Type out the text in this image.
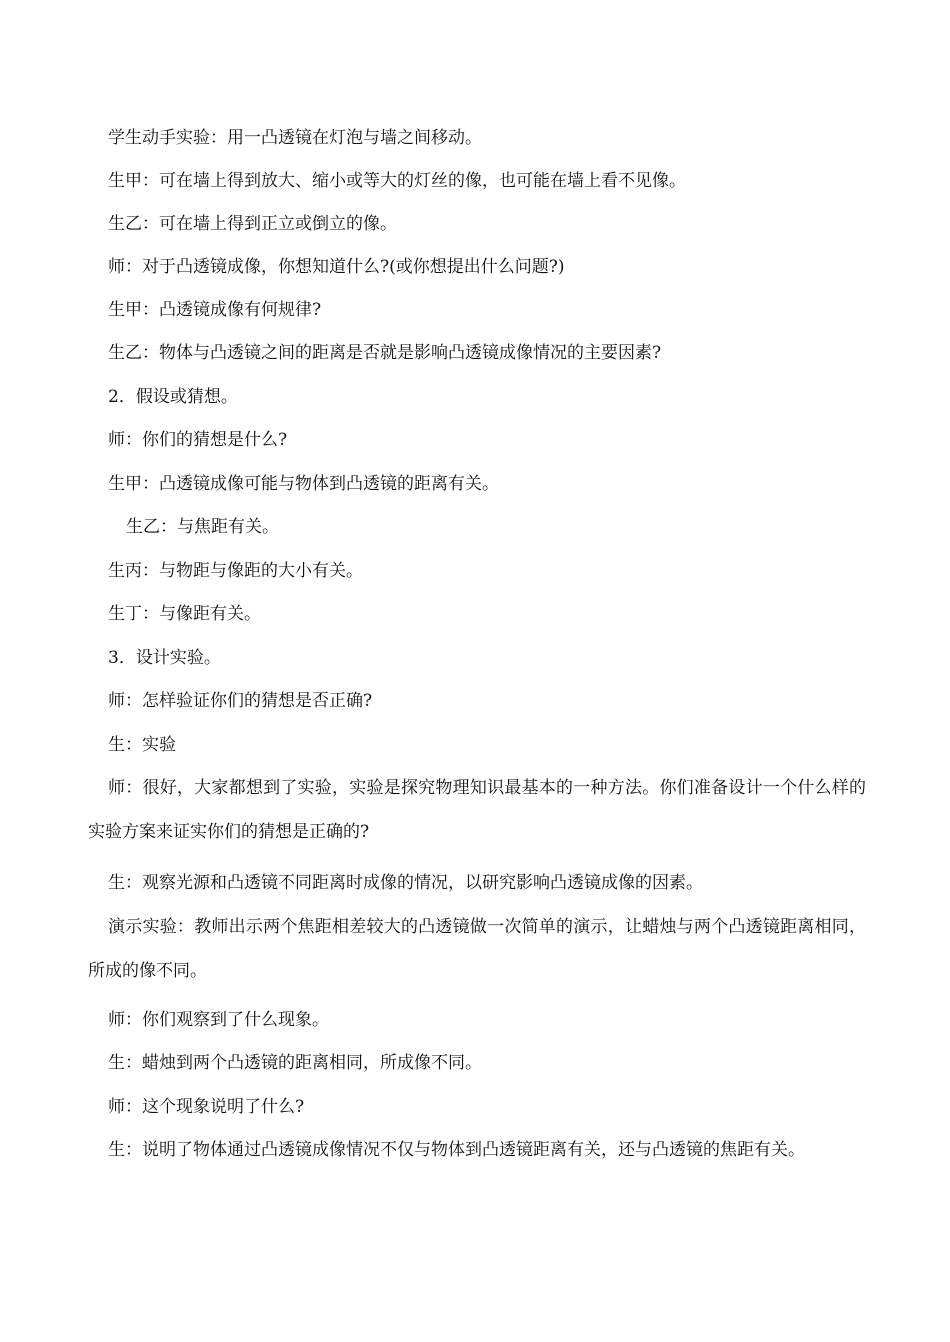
学生动手实验：用一凸透镜在灯泡与墙之间移动。

生甲：可在墙上得到放大、缩小或等大的灯丝的像，也可能在墙上看不见像。

生乙：可在墙上得到正立或倒立的像。

师：对于凸透镜成像，你想知道什么?(或你想提出什么问题?)

生甲：凸透镜成像有何规律?

生乙：物体与凸透镜之间的距离是否就是影响凸透镜成像情况的主要因素?

2．假设或猜想。

师：你们的猜想是什么?

生甲：凸透镜成像可能与物体到凸透镜的距离有关。

生乙：与焦距有关。

生丙：与物距与像距的大小有关。

生丁：与像距有关。

3．设计实验。

师：怎样验证你们的猜想是否正确?

生：实验

师：很好，大家都想到了实验，实验是探究物理知识最基本的一种方法。你们准备设计一个什么样的实验方案来证实你们的猜想是正确的?

生：观察光源和凸透镜不同距离时成像的情况，以研究影响凸透镜成像的因素。

演示实验：教师出示两个焦距相差较大的凸透镜做一次简单的演示，让蜡烛与两个凸透镜距离相同，所成的像不同。

师：你们观察到了什么现象。

生：蜡烛到两个凸透镜的距离相同，所成像不同。

师：这个现象说明了什么?

生：说明了物体通过凸透镜成像情况不仅与物体到凸透镜距离有关，还与凸透镜的焦距有关。
